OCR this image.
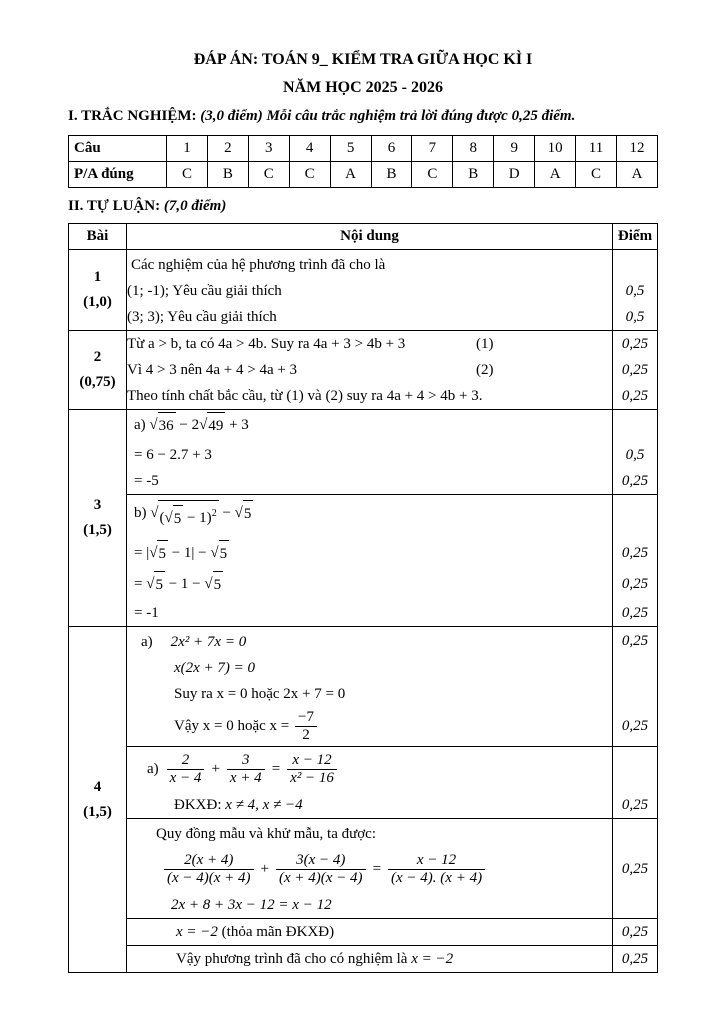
ĐÁP ÁN: TOÁN 9_ KIỂM TRA GIỮA HỌC KÌ I
NĂM HỌC 2025 - 2026
I. TRẮC NGHIỆM: (3,0 điểm) Mỗi câu trắc nghiệm trả lời đúng được 0,25 điểm.
Câu	1	2	3	4	5	6	7	8	9	10	11	12
P/A đúng	C	B	C	C	A	B	C	B	D	A	C	A
II. TỰ LUẬN: (7,0 điểm)
Bài	Nội dung	Điểm

1
(1,0)	Các nghiệm của hệ phương trình đã cho là	

	(1; -1); Yêu cầu giải thích	0,5

	(3; 3); Yêu cầu giải thích	0,5

2
(0,75)

Từ a > b, ta có 4a > 4b. Suy ra 4a + 3 > 4b + 3	(1)	0,25

	Vì 4 > 3 nên 4a + 4 > 4a + 3 (2)	0,25

	Theo tính chất bắc cầu, từ (1) và (2) suy ra 4a + 4 > 4b + 3.	0,25

3
(1,5)

a) √ 36 − 2 √ 49 + 3

	= 6 − 2.7 + 3	0,5

	= -5	0,25

b) √ ( √ 5 − 1)$^2$ − √ 5

	= | √ 5 − 1| − √ 5	0,25

	= √ 5 − 1 − √ 5	0,25

	= -1	0,25

4
(1,5)	a) 2x² + 7x = 0	0,25

	x(2x + 7) = 0	

	Suy ra x = 0 hoặc 2x + 7 = 0	

	Vậy x = 0 hoặc $x = \frac{-7}{2}$	0,25

$a) \frac{2}{x - 4} + \frac{3}{x + 4} = \frac{x - 12}{\text{x² − 16}}$

	ĐKXĐ: x ≠ 4, x ≠ −4	0,25

	Quy đồng mẫu và khử mẫu, ta được:	

$\frac{2(x + 4)}{(x - 4)(x + 4)} + \frac{3(x - 4)}{(x + 4)(x - 4)} = \frac{x - 12}{(x - 4). (x + 4)}$	0,25

	2x + 8 + 3x − 12 = x − 12	

	x = −2 (thỏa mãn ĐKXĐ)	0,25

	Vậy phương trình đã cho có nghiệm là x = −2	0,25
